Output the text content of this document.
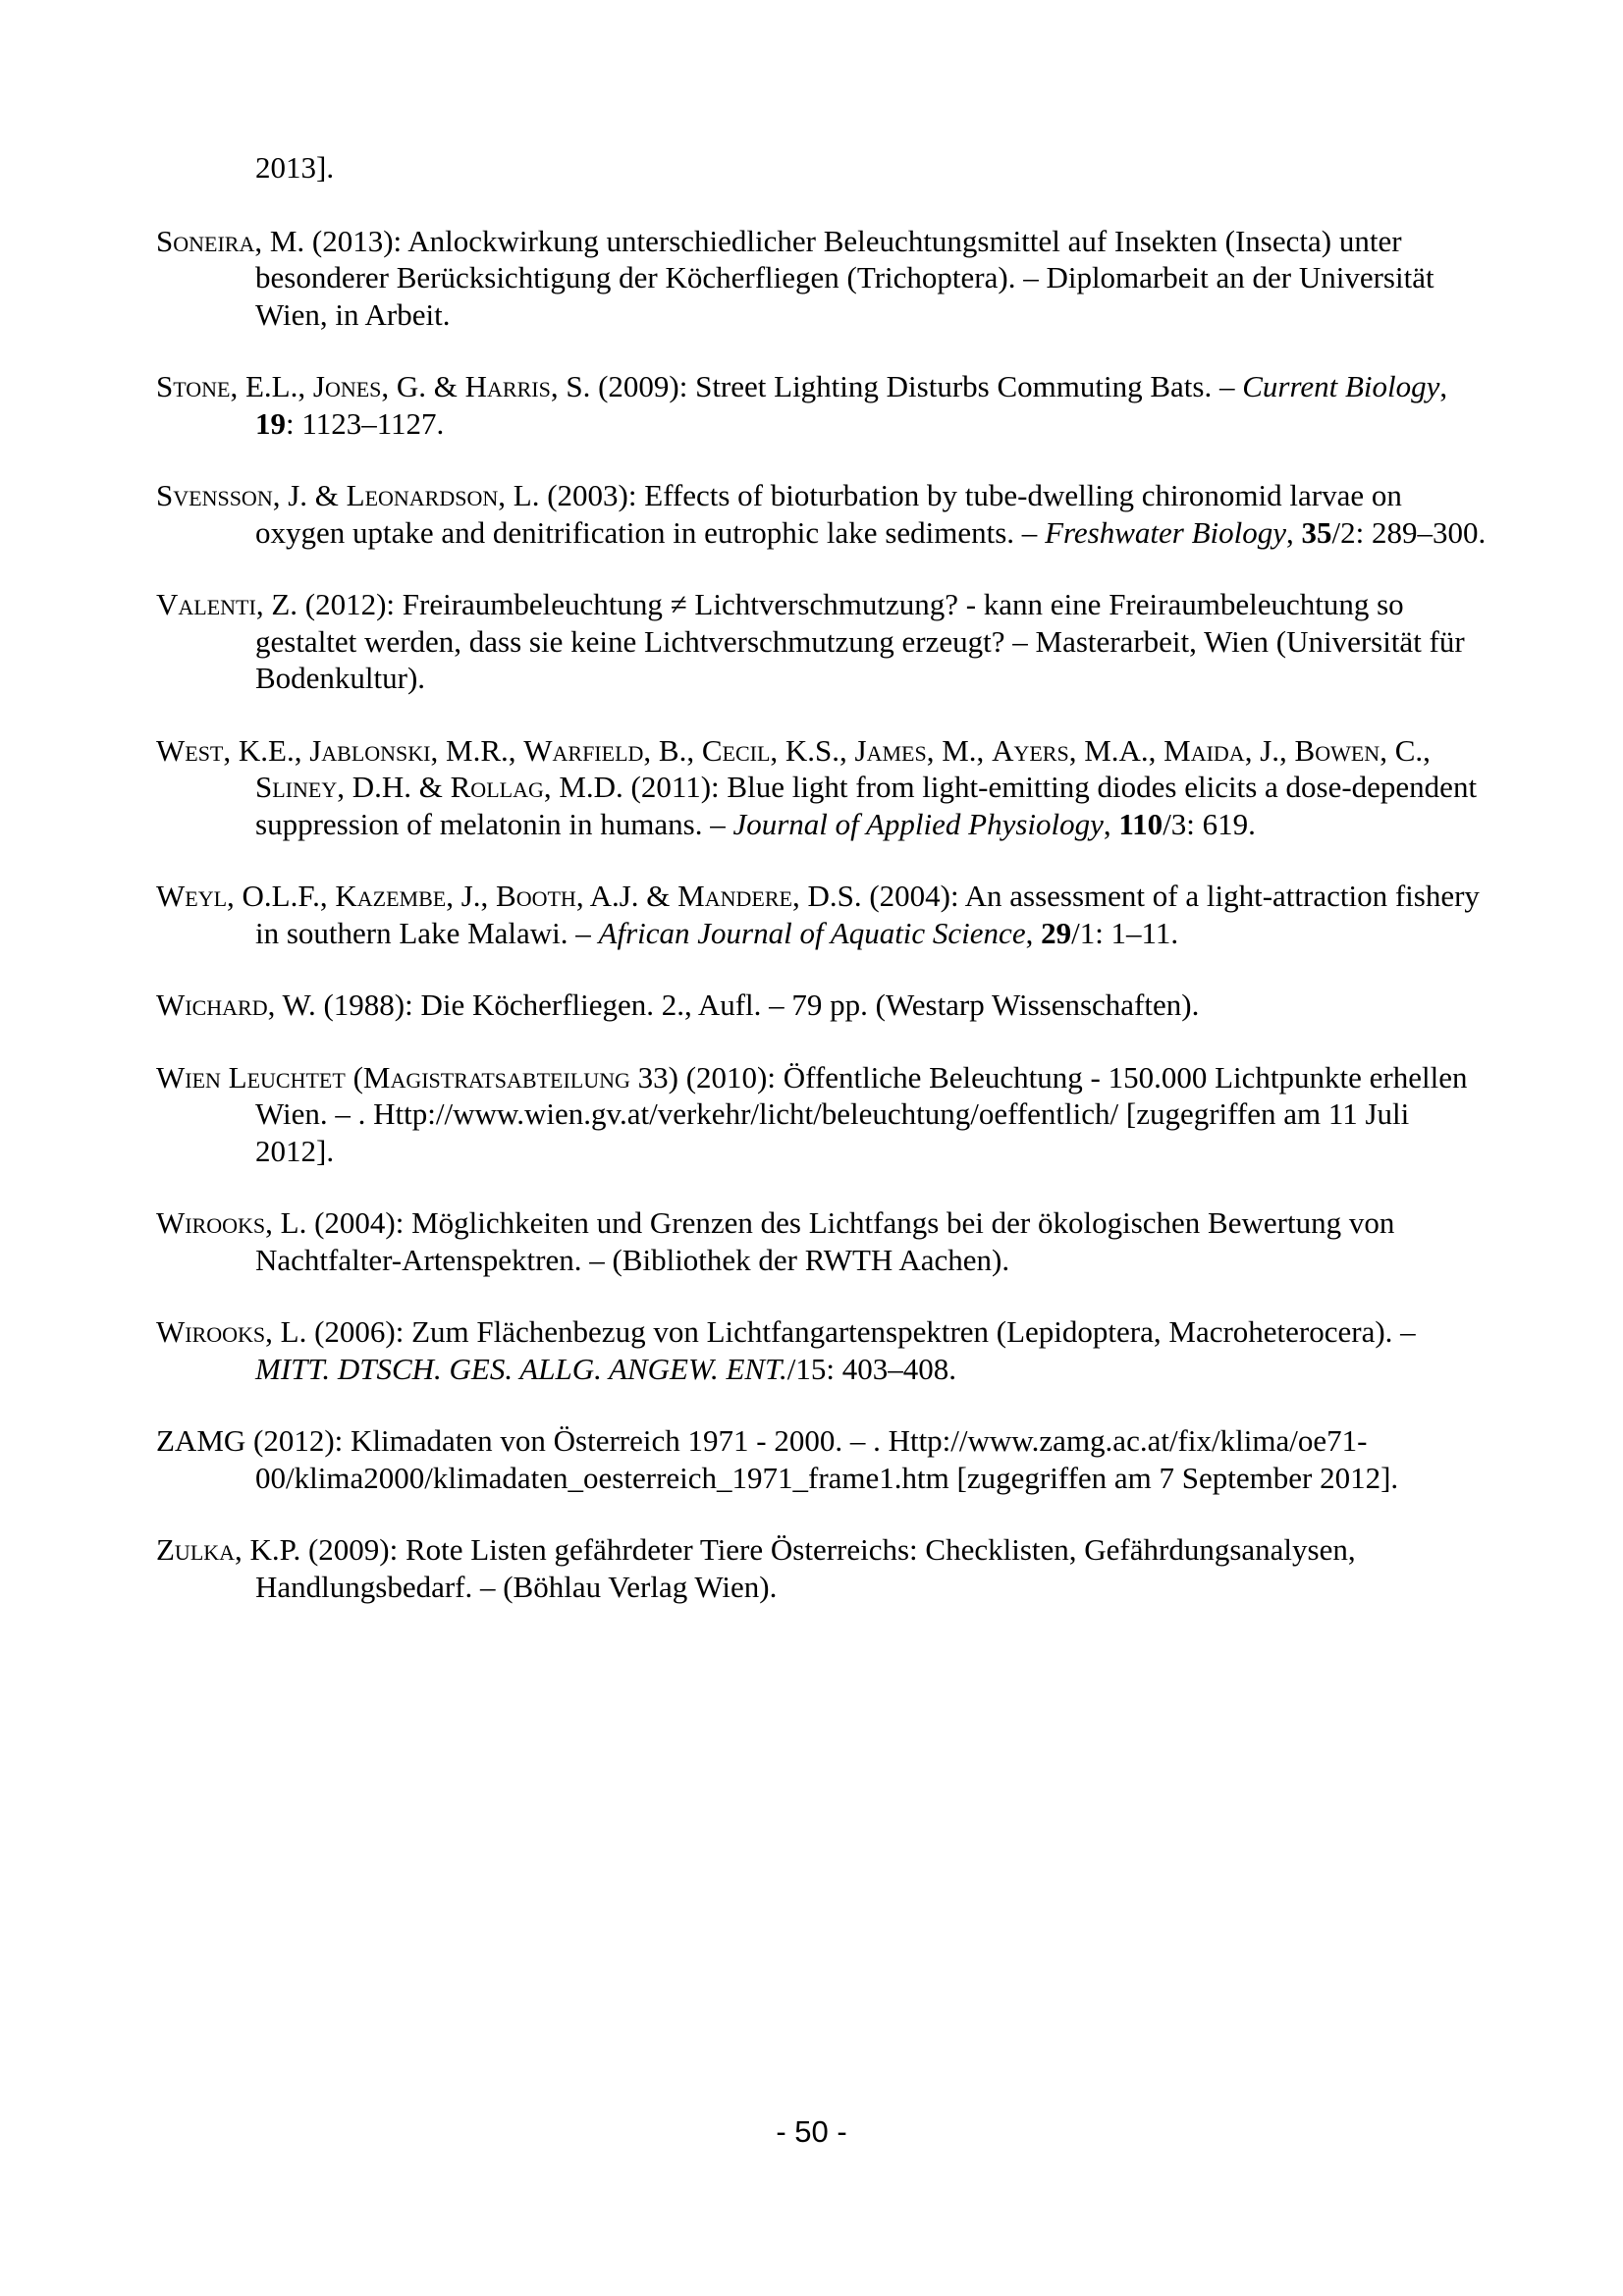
2013].

Soneira, M. (2013): Anlockwirkung unterschiedlicher Beleuchtungsmittel auf Insekten (Insecta) unter besonderer Berücksichtigung der Köcherfliegen (Trichoptera). – Diplomarbeit an der Universität Wien, in Arbeit.

Stone, E.L., Jones, G. & Harris, S. (2009): Street Lighting Disturbs Commuting Bats. – Current Biology, 19: 1123–1127.

Svensson, J. & Leonardson, L. (2003): Effects of bioturbation by tube-dwelling chironomid larvae on oxygen uptake and denitrification in eutrophic lake sediments. – Freshwater Biology, 35/2: 289–300.

Valenti, Z. (2012): Freiraumbeleuchtung ≠ Lichtverschmutzung? - kann eine Freiraumbeleuchtung so gestaltet werden, dass sie keine Lichtverschmutzung erzeugt? – Masterarbeit, Wien (Universität für Bodenkultur).

West, K.E., Jablonski, M.R., Warfield, B., Cecil, K.S., James, M., Ayers, M.A., Maida, J., Bowen, C., Sliney, D.H. & Rollag, M.D. (2011): Blue light from light-emitting diodes elicits a dose-dependent suppression of melatonin in humans. – Journal of Applied Physiology, 110/3: 619.

Weyl, O.L.F., Kazembe, J., Booth, A.J. & Mandere, D.S. (2004): An assessment of a light-attraction fishery in southern Lake Malawi. – African Journal of Aquatic Science, 29/1: 1–11.

Wichard, W. (1988): Die Köcherfliegen. 2., Aufl. – 79 pp. (Westarp Wissenschaften).

Wien Leuchtet (Magistratsabteilung 33) (2010): Öffentliche Beleuchtung - 150.000 Lichtpunkte erhellen Wien. – . Http://www.wien.gv.at/verkehr/licht/beleuchtung/oeffentlich/ [zugegriffen am 11 Juli 2012].

Wirooks, L. (2004): Möglichkeiten und Grenzen des Lichtfangs bei der ökologischen Bewertung von Nachtfalter-Artenspektren. – (Bibliothek der RWTH Aachen).

Wirooks, L. (2006): Zum Flächenbezug von Lichtfangartenspektren (Lepidoptera, Macroheterocera). – MITT. DTSCH. GES. ALLG. ANGEW. ENT./15: 403–408.

ZAMG (2012): Klimadaten von Österreich 1971 - 2000. – . Http://www.zamg.ac.at/fix/klima/oe71-00/klima2000/klimadaten_oesterreich_1971_frame1.htm [zugegriffen am 7 September 2012].

Zulka, K.P. (2009): Rote Listen gefährdeter Tiere Österreichs: Checklisten, Gefährdungsanalysen, Handlungsbedarf. – (Böhlau Verlag Wien).

- 50 -
